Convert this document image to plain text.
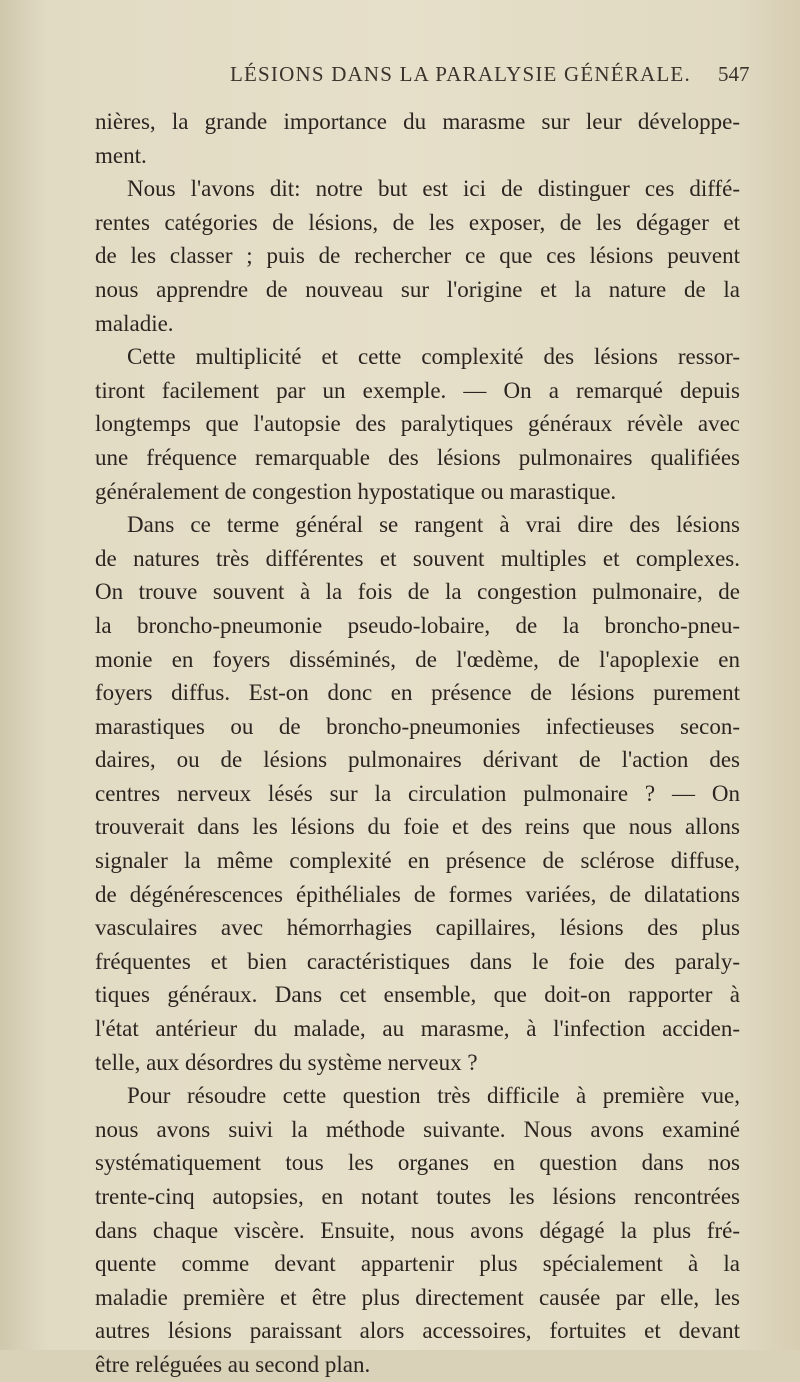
LÉSIONS DANS LA PARALYSIE GÉNÉRALE. 547
nières, la grande importance du marasme sur leur développe-
ment.
Nous l'avons dit: notre but est ici de distinguer ces diffé-
rentes catégories de lésions, de les exposer, de les dégager et
de les classer ; puis de rechercher ce que ces lésions peuvent
nous apprendre de nouveau sur l'origine et la nature de la
maladie.
Cette multiplicité et cette complexité des lésions ressor-
tiront facilement par un exemple. — On a remarqué depuis
longtemps que l'autopsie des paralytiques généraux révèle avec
une fréquence remarquable des lésions pulmonaires qualifiées
généralement de congestion hypostatique ou marastique.
Dans ce terme général se rangent à vrai dire des lésions
de natures très différentes et souvent multiples et complexes.
On trouve souvent à la fois de la congestion pulmonaire, de
la broncho-pneumonie pseudo-lobaire, de la broncho-pneu-
monie en foyers disséminés, de l'œdème, de l'apoplexie en
foyers diffus. Est-on donc en présence de lésions purement
marastiques ou de broncho-pneumonies infectieuses secon-
daires, ou de lésions pulmonaires dérivant de l'action des
centres nerveux lésés sur la circulation pulmonaire ? — On
trouverait dans les lésions du foie et des reins que nous allons
signaler la même complexité en présence de sclérose diffuse,
de dégénérescences épithéliales de formes variées, de dilatations
vasculaires avec hémorrhagies capillaires, lésions des plus
fréquentes et bien caractéristiques dans le foie des paraly-
tiques généraux. Dans cet ensemble, que doit-on rapporter à
l'état antérieur du malade, au marasme, à l'infection acciden-
telle, aux désordres du système nerveux ?
Pour résoudre cette question très difficile à première vue,
nous avons suivi la méthode suivante. Nous avons examiné
systématiquement tous les organes en question dans nos
trente-cinq autopsies, en notant toutes les lésions rencontrées
dans chaque viscère. Ensuite, nous avons dégagé la plus fré-
quente comme devant appartenir plus spécialement à la
maladie première et être plus directement causée par elle, les
autres lésions paraissant alors accessoires, fortuites et devant
être reléguées au second plan.
